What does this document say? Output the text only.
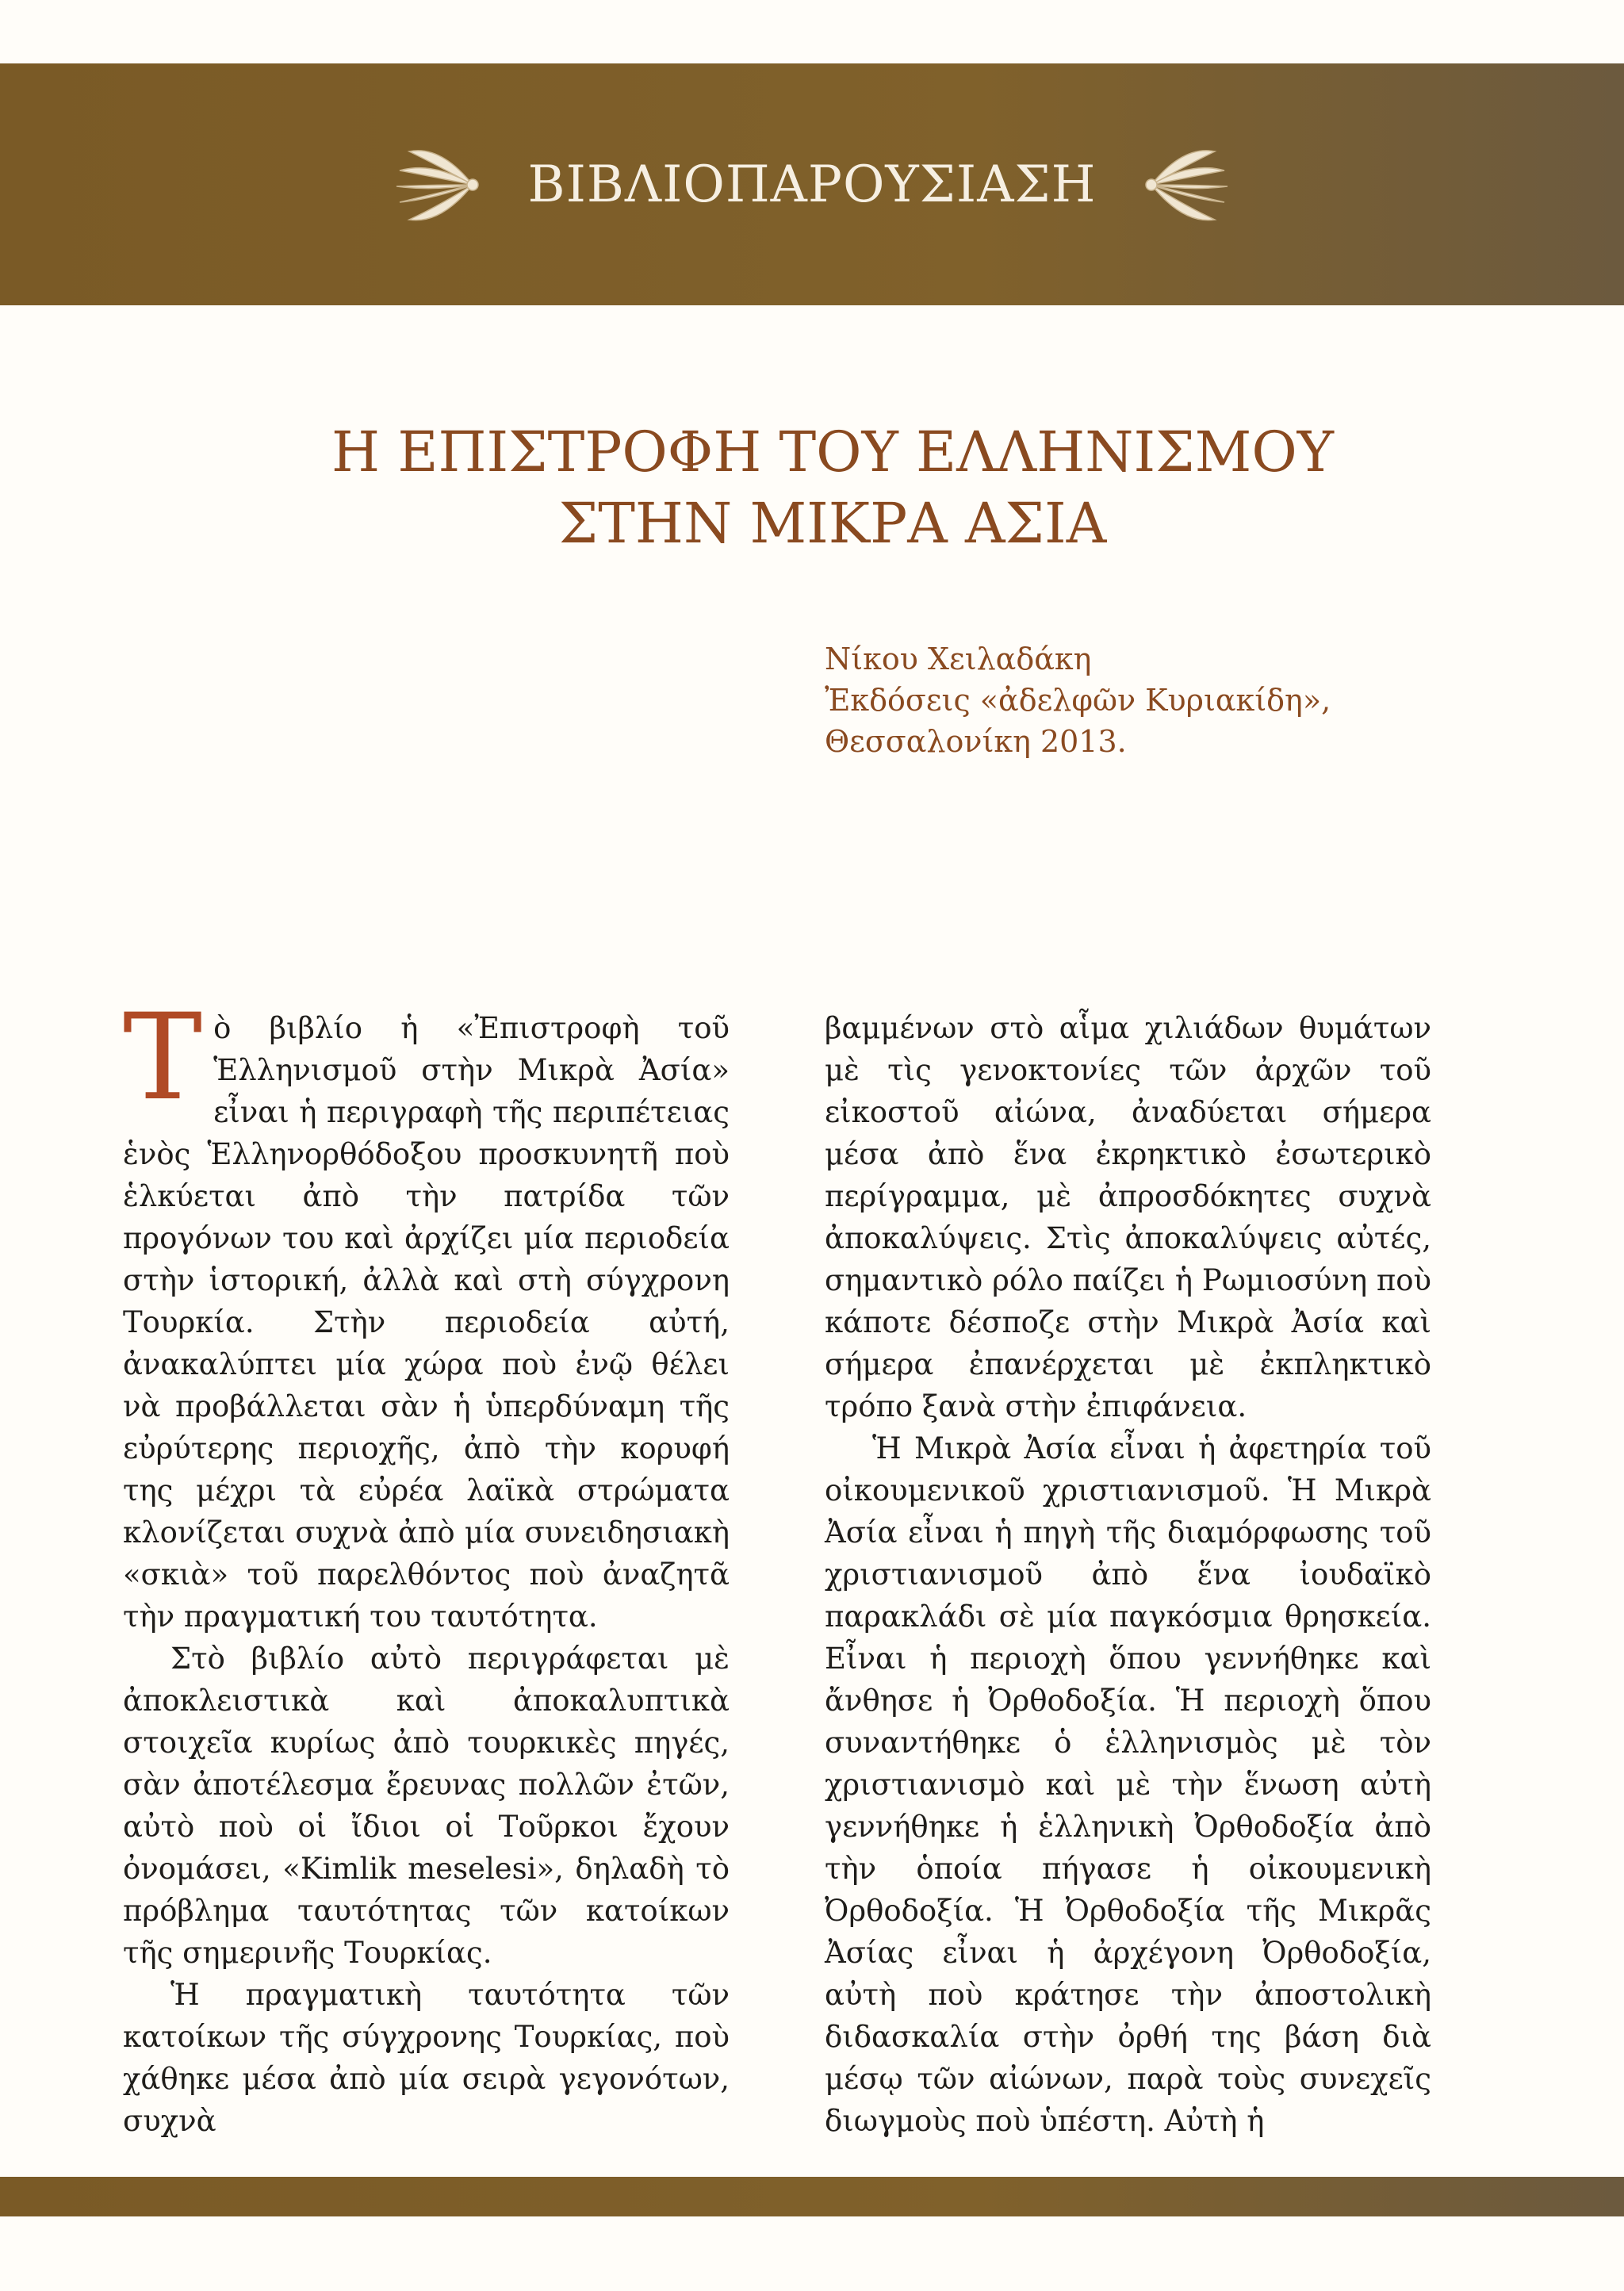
ΒΙΒΛΙΟΠΑΡΟΥΣΙΑΣΗ
Η ΕΠΙΣΤΡΟΦΗ ΤΟΥ ΕΛΛΗΝΙΣΜΟΥ
ΣΤΗΝ ΜΙΚΡΑ ΑΣΙΑ
Νίκου Χειλαδάκη
Ἐκδόσεις «ἀδελφῶν Κυριακίδη»,
Θεσσαλονίκη 2013.

Τὸ βιβλίο ἡ «Ἐπιστροφὴ τοῦ Ἑλληνισμοῦ στὴν Μικρὰ Ἀσία» εἶναι ἡ περιγραφὴ τῆς περιπέτειας ἑνὸς Ἑλληνορθόδοξου προσκυνητῆ ποὺ ἑλκύεται ἀπὸ τὴν πατρίδα τῶν προγόνων του καὶ ἀρχίζει μία περιοδεία στὴν ἱστορική, ἀλλὰ καὶ στὴ σύγχρονη Τουρκία. Στὴν περιοδεία αὐτή, ἀνακαλύπτει μία χώρα ποὺ ἐνῷ θέλει νὰ προβάλλεται σὰν ἡ ὑπερδύναμη τῆς εὐρύτερης περιοχῆς, ἀπὸ τὴν κορυφή της μέχρι τὰ εὐρέα λαϊκὰ στρώματα κλονίζεται συχνὰ ἀπὸ μία συνειδησιακὴ «σκιὰ» τοῦ παρελθόντος ποὺ ἀναζητᾶ τὴν πραγματική του ταυτότητα.

Στὸ βιβλίο αὐτὸ περιγράφεται μὲ ἀποκλειστικὰ καὶ ἀποκαλυπτικὰ στοιχεῖα κυρίως ἀπὸ τουρκικὲς πηγές, σὰν ἀποτέλεσμα ἔρευνας πολλῶν ἐτῶν, αὐτὸ ποὺ οἱ ἴδιοι οἱ Τοῦρκοι ἔχουν ὀνομάσει, «Kimlik meselesi», δηλαδὴ τὸ πρόβλημα ταυτότητας τῶν κατοίκων τῆς σημερινῆς Τουρκίας.

Ἡ πραγματικὴ ταυτότητα τῶν κατοίκων τῆς σύγχρονης Τουρκίας, ποὺ χάθηκε μέσα ἀπὸ μία σειρὰ γεγονότων, συχνὰ

βαμμένων στὸ αἷμα χιλιάδων θυμάτων μὲ τὶς γενοκτονίες τῶν ἀρχῶν τοῦ εἰκοστοῦ αἰώνα, ἀναδύεται σήμερα μέσα ἀπὸ ἕνα ἐκρηκτικὸ ἐσωτερικὸ περίγραμμα, μὲ ἀπροσδόκητες συχνὰ ἀποκαλύψεις. Στὶς ἀποκαλύψεις αὐτές, σημαντικὸ ρόλο παίζει ἡ Ρωμιοσύνη ποὺ κάποτε δέσποζε στὴν Μικρὰ Ἀσία καὶ σήμερα ἐπανέρχεται μὲ ἐκπληκτικὸ τρόπο ξανὰ στὴν ἐπιφάνεια.

Ἡ Μικρὰ Ἀσία εἶναι ἡ ἀφετηρία τοῦ οἰκουμενικοῦ χριστιανισμοῦ. Ἡ Μικρὰ Ἀσία εἶναι ἡ πηγὴ τῆς διαμόρφωσης τοῦ χριστιανισμοῦ ἀπὸ ἕνα ἰουδαϊκὸ παρακλάδι σὲ μία παγκόσμια θρησκεία. Εἶναι ἡ περιοχὴ ὅπου γεννήθηκε καὶ ἄνθησε ἡ Ὀρθοδοξία. Ἡ περιοχὴ ὅπου συναντήθηκε ὁ ἑλληνισμὸς μὲ τὸν χριστιανισμὸ καὶ μὲ τὴν ἕνωση αὐτὴ γεννήθηκε ἡ ἑλληνικὴ Ὀρθοδοξία ἀπὸ τὴν ὁποία πήγασε ἡ οἰκουμενικὴ Ὀρθοδοξία. Ἡ Ὀρθοδοξία τῆς Μικρᾶς Ἀσίας εἶναι ἡ ἀρχέγονη Ὀρθοδοξία, αὐτὴ ποὺ κράτησε τὴν ἀποστολικὴ διδασκαλία στὴν ὀρθή της βάση διὰ μέσῳ τῶν αἰώνων, παρὰ τοὺς συνεχεῖς διωγμοὺς ποὺ ὑπέστη. Αὐτὴ ἡ
